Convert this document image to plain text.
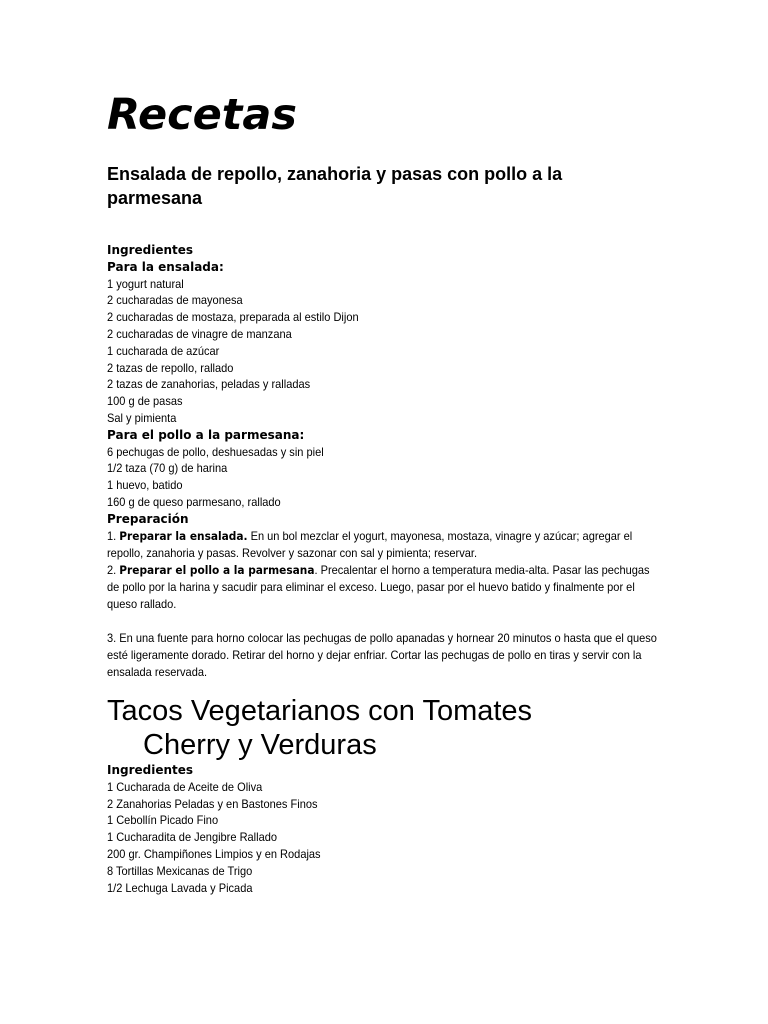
Recetas
Ensalada de repollo, zanahoria y pasas con pollo a la parmesana
Ingredientes
Para la ensalada:
1 yogurt natural
2 cucharadas de mayonesa
2 cucharadas de mostaza, preparada al estilo Dijon
2 cucharadas de vinagre de manzana
1 cucharada de azúcar
2 tazas de repollo, rallado
2 tazas de zanahorias, peladas y ralladas
100 g de pasas
Sal y pimienta
Para el pollo a la parmesana:
6 pechugas de pollo, deshuesadas y sin piel
1/2 taza (70 g) de harina
1 huevo, batido
160 g de queso parmesano, rallado
Preparación

1. Preparar la ensalada. En un bol mezclar el yogurt, mayonesa, mostaza, vinagre y azúcar; agregar el repollo, zanahoria y pasas. Revolver y sazonar con sal y pimienta; reservar.

2. Preparar el pollo a la parmesana. Precalentar el horno a temperatura media-alta. Pasar las pechugas de pollo por la harina y sacudir para eliminar el exceso. Luego, pasar por el huevo batido y finalmente por el queso rallado.

3. En una fuente para horno colocar las pechugas de pollo apanadas y hornear 20 minutos o hasta que el queso esté ligeramente dorado. Retirar del horno y dejar enfriar. Cortar las pechugas de pollo en tiras y servir con la ensalada reservada.

Tacos Vegetarianos con Tomates
Cherry y Verduras
Ingredientes
1 Cucharada de Aceite de Oliva
2 Zanahorias Peladas y en Bastones Finos
1 Cebollín Picado Fino
1 Cucharadita de Jengibre Rallado
200 gr. Champiñones Limpios y en Rodajas
8 Tortillas Mexicanas de Trigo
1/2 Lechuga Lavada y Picada
